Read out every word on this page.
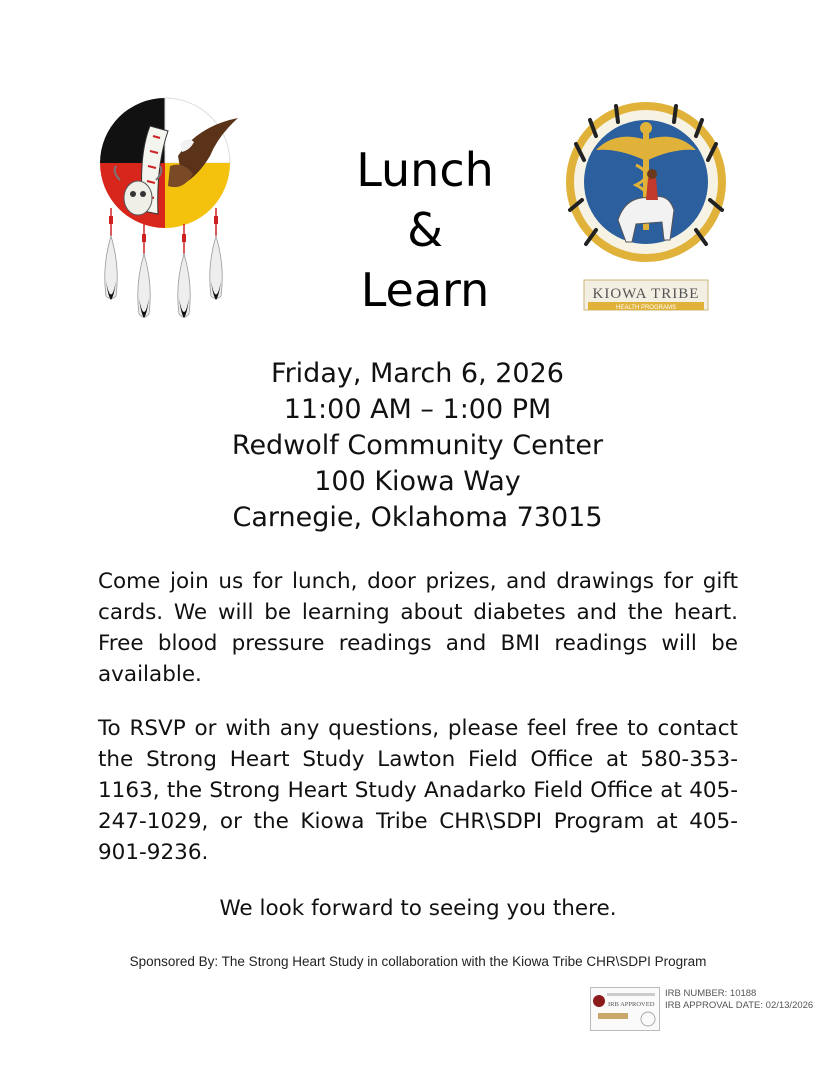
Lunch
&
Learn	KIOWA TRIBE
HEALTH PROGRAMS
Friday, March 6, 2026
11:00 AM – 1:00 PM
Redwolf Community Center
100 Kiowa Way
Carnegie, Oklahoma 73015
Come join us for lunch, door prizes, and drawings for gift cards. We will be learning about diabetes and the heart. Free blood pressure readings and BMI readings will be available.
To RSVP or with any questions, please feel free to contact the Strong Heart Study Lawton Field Office at 580-353-1163, the Strong Heart Study Anadarko Field Office at 405-247-1029, or the Kiowa Tribe CHR\SDPI Program at 405-901-9236.
We look forward to seeing you there.
Sponsored By: The Strong Heart Study in collaboration with the Kiowa Tribe CHR\SDPI Program
IRB APPROVED
IRB NUMBER: 10188
IRB APPROVAL DATE: 02/13/2026
